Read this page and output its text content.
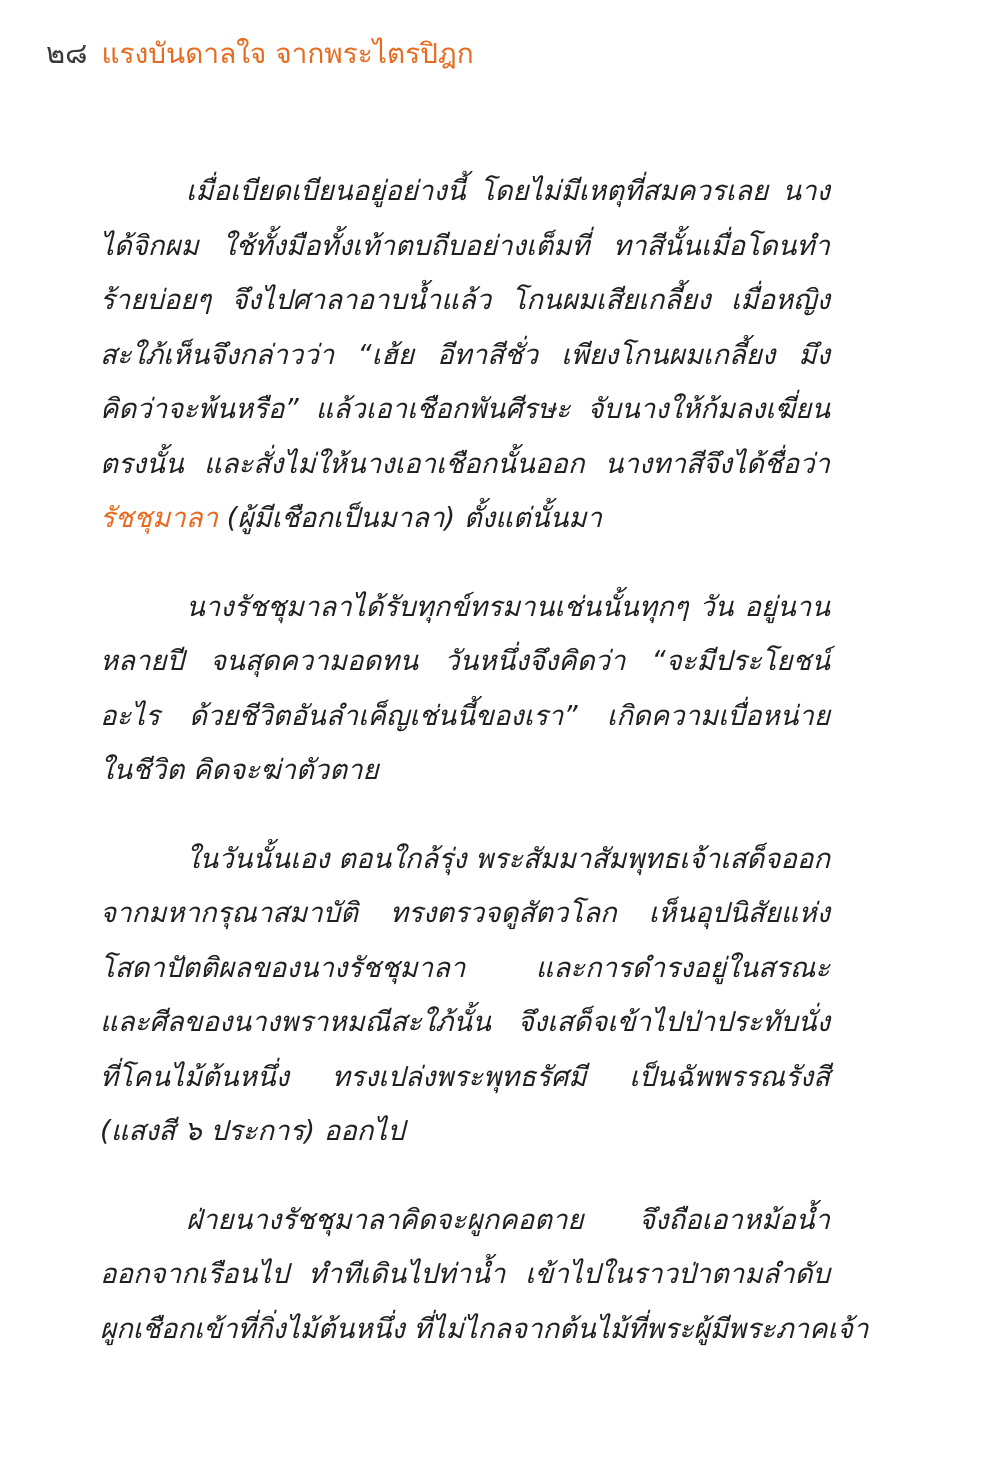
๒๘ แรงบันดาลใจ จากพระไตรปิฎก
เมื่อเบียดเบียนอยู่อย่างนี้ โดยไม่มีเหตุที่สมควรเลย นาง
ได้จิกผม ใช้ทั้งมือทั้งเท้าตบถีบอย่างเต็มที่ ทาสีนั้นเมื่อโดนทำ
ร้ายบ่อยๆ จึงไปศาลาอาบน้ำแล้ว โกนผมเสียเกลี้ยง เมื่อหญิง
สะใภ้เห็นจึงกล่าวว่า “เฮ้ย อีทาสีชั่ว เพียงโกนผมเกลี้ยง มึง
คิดว่าจะพ้นหรือ” แล้วเอาเชือกพันศีรษะ จับนางให้ก้มลงเฆี่ยน
ตรงนั้น และสั่งไม่ให้นางเอาเชือกนั้นออก นางทาสีจึงได้ชื่อว่า
รัชชุมาลา (ผู้มีเชือกเป็นมาลา) ตั้งแต่นั้นมา
นางรัชชุมาลาได้รับทุกข์ทรมานเช่นนั้นทุกๆ วัน อยู่นาน
หลายปี จนสุดความอดทน วันหนึ่งจึงคิดว่า “จะมีประโยชน์
อะไร ด้วยชีวิตอันลำเค็ญเช่นนี้ของเรา” เกิดความเบื่อหน่าย
ในชีวิต คิดจะฆ่าตัวตาย
ในวันนั้นเอง ตอนใกล้รุ่ง พระสัมมาสัมพุทธเจ้าเสด็จออก
จากมหากรุณาสมาบัติ ทรงตรวจดูสัตวโลก เห็นอุปนิสัยแห่ง
โสดาปัตติผลของนางรัชชุมาลา และการดำรงอยู่ในสรณะ
และศีลของนางพราหมณีสะใภ้นั้น จึงเสด็จเข้าไปป่าประทับนั่ง
ที่โคนไม้ต้นหนึ่ง ทรงเปล่งพระพุทธรัศมี เป็นฉัพพรรณรังสี
(แสงสี ๖ ประการ) ออกไป
ฝ่ายนางรัชชุมาลาคิดจะผูกคอตาย จึงถือเอาหม้อน้ำ
ออกจากเรือนไป ทำทีเดินไปท่าน้ำ เข้าไปในราวป่าตามลำดับ
ผูกเชือกเข้าที่กิ่งไม้ต้นหนึ่ง ที่ไม่ไกลจากต้นไม้ที่พระผู้มีพระภาคเจ้า
